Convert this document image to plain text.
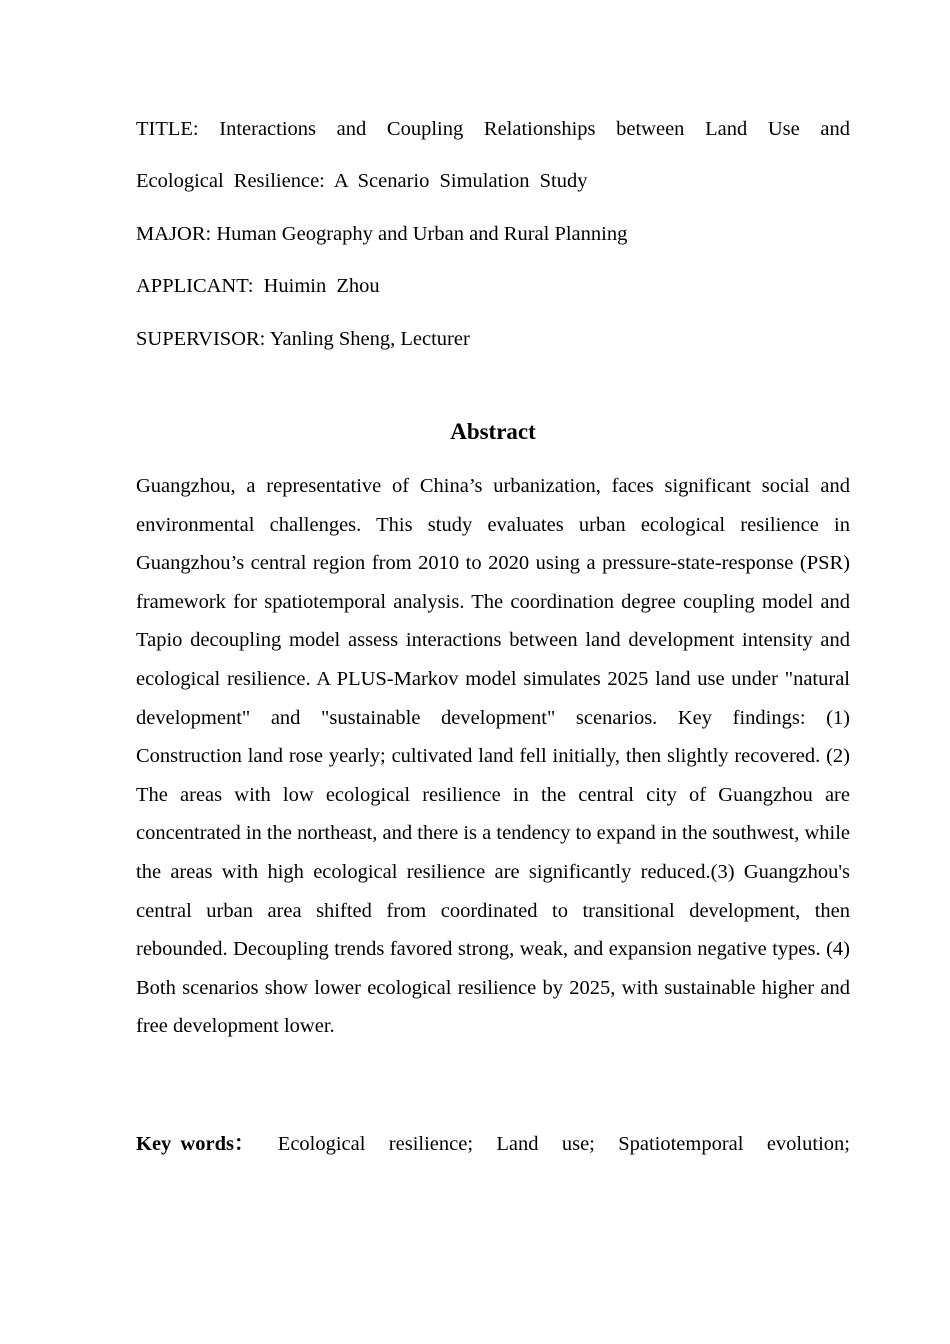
TITLE: Interactions and Coupling Relationships between Land Use and
Ecological Resilience: A Scenario Simulation Study

MAJOR: Human Geography and Urban and Rural Planning

APPLICANT: Huimin Zhou

SUPERVISOR: Yanling Sheng, Lecturer

Abstract

Guangzhou, a representative of China’s urbanization, faces significant social and environmental challenges. This study evaluates urban ecological resilience in Guangzhou’s central region from 2010 to 2020 using a pressure-state-response (PSR) framework for spatiotemporal analysis. The coordination degree coupling model and Tapio decoupling model assess interactions between land development intensity and ecological resilience. A PLUS-Markov model simulates 2025 land use under "natural development" and "sustainable development" scenarios. Key findings: (1) Construction land rose yearly; cultivated land fell initially, then slightly recovered. (2) The areas with low ecological resilience in the central city of Guangzhou are concentrated in the northeast, and there is a tendency to expand in the southwest, while the areas with high ecological resilience are significantly reduced.(3) Guangzhou's central urban area shifted from coordinated to transitional development, then rebounded. Decoupling trends favored strong, weak, and expansion negative types. (4) Both scenarios show lower ecological resilience by 2025, with sustainable higher and free development lower.

Key words： Ecological resilience; Land use; Spatiotemporal evolution;
